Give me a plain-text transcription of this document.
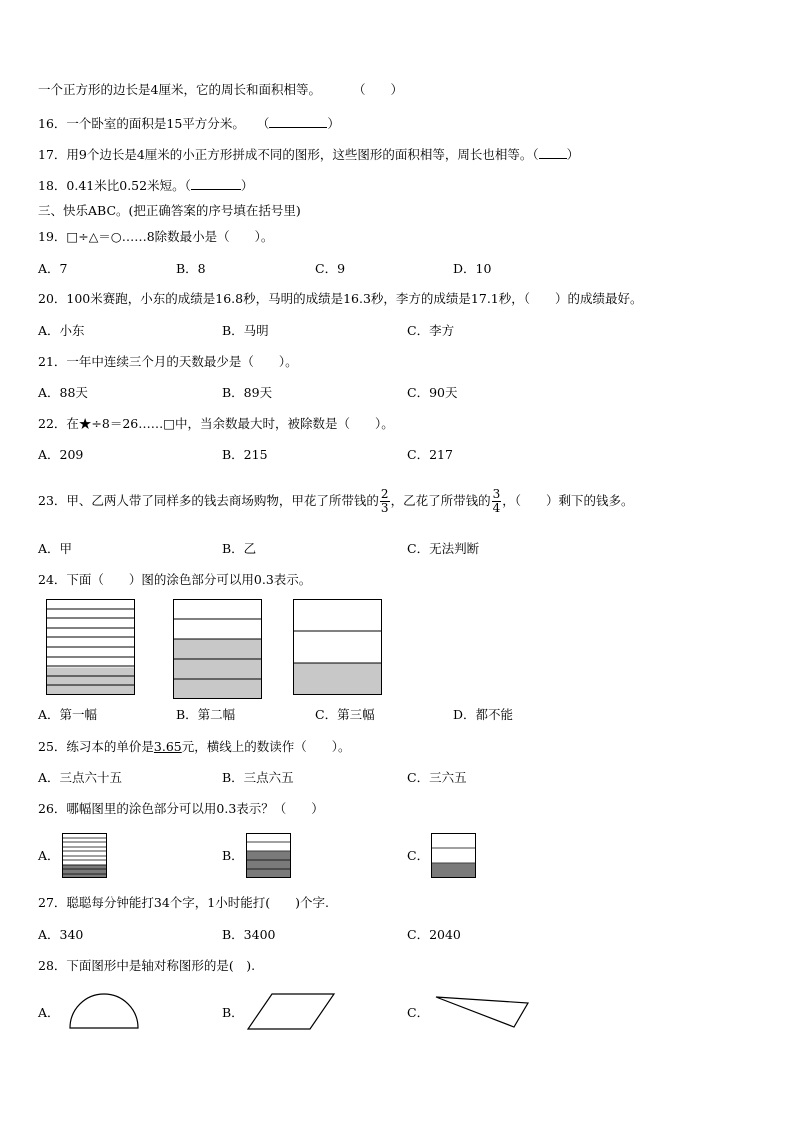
一个正方形的边长是4厘米，它的周长和面积相等。	（　　）
16．一个卧室的面积是15平方分米。 （	）
17．用9个边长是4厘米的小正方形拼成不同的图形，这些图形的面积相等，周长也相等。（ ）
18．0.41米比0.52米短。（	）
三、快乐ABC。(把正确答案的序号填在括号里)
19．□÷△＝○……8除数最小是（　　）。
A．7	B．8	C．9	D．10
20．100米赛跑，小东的成绩是16.8秒，马明的成绩是16.3秒，李方的成绩是17.1秒，（　　）的成绩最好。
A．小东	B．马明	C．李方
21．一年中连续三个月的天数最少是（　　）。
A．88天	B．89天	C．90天
22．在★÷8＝26……□中，当余数最大时，被除数是（　　）。
A．209	B．215	C．217
23．甲、乙两人带了同样多的钱去商场购物，甲花了所带钱的 $\frac{2}{3}$ ，乙花了所带钱的 $\frac{3}{4}$ ，（　　）剩下的钱多。
A．甲	B．乙	C．无法判断
24．下面（　　）图的涂色部分可以用0.3表示。
A．第一幅	B．第二幅	C．第三幅	D．都不能
25．练习本的单价是3.65元，横线上的数读作（　　）。
A．三点六十五	B．三点六五	C．三六五
26．哪幅图里的涂色部分可以用0.3表示？（　　）
A．	B．	C．
27．聪聪每分钟能打34个字，1小时能打(　　)个字.
A．340	B．3400	C．2040
28．下面图形中是轴对称图形的是(　).
A．	B．	C．
